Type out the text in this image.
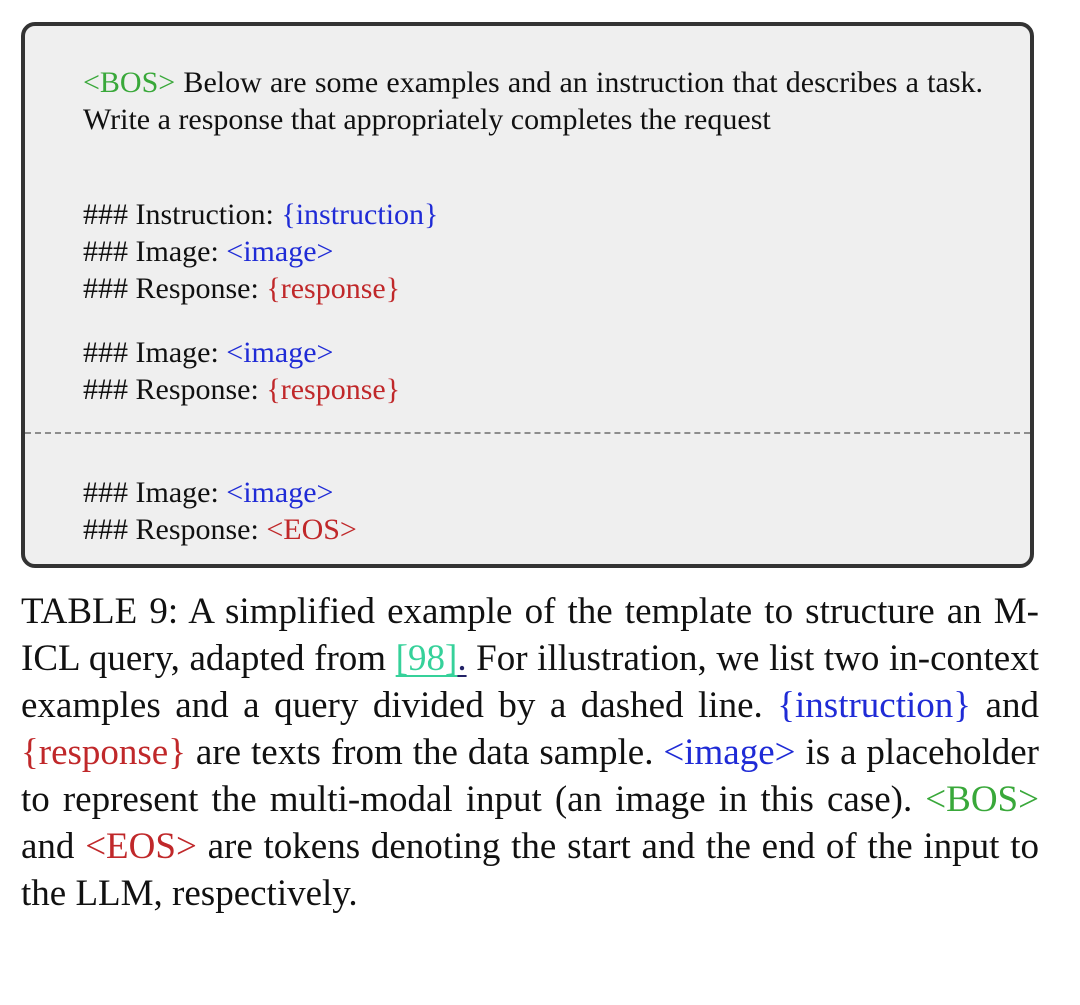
<BOS> Below are some examples and an instruction that describes a task. Write a response that appropriately completes the request
### Instruction: {instruction}
### Image: <image>
### Response: {response}
### Image: <image>
### Response: {response}
### Image: <image>
### Response: <EOS>
TABLE 9: A simplified example of the template to structure an M-ICL query, adapted from [98]. For illustration, we list two in-context examples and a query divided by a dashed line. {instruction} and {response} are texts from the data sample. <image> is a placeholder to represent the multi-modal input (an image in this case). <BOS> and <EOS> are tokens denoting the start and the end of the input to the LLM, respectively.
